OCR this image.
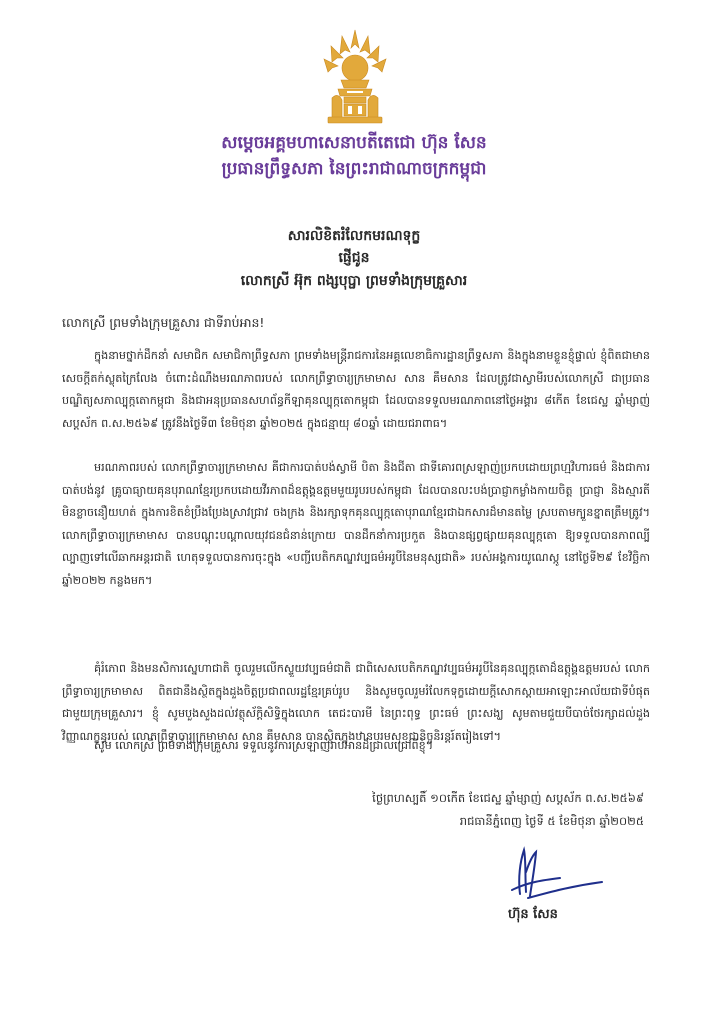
សម្តេចអគ្គមហាសេនាបតីតេជោ ហ៊ុន សែន
ប្រធានព្រឹទ្ធសភា នៃព្រះរាជាណាចក្រកម្ពុជា
សារលិខិតរំលែកមរណទុក្ខ
ផ្ញើជូន
លោកស្រី អ៊ុក ពង្សបុប្ផា ព្រមទាំងក្រុមគ្រួសារ
លោកស្រី ព្រមទាំងក្រុមគ្រួសារ ជាទីរាប់អាន!

ក្នុងនាមថ្នាក់ដឹកនាំ សមាជិក សមាជិកាព្រឹទ្ធសភា ព្រមទាំងមន្ត្រីរាជការនៃអគ្គលេខាធិការដ្ឋានព្រឹទ្ធសភា និងក្នុងនាមខ្លួនខ្ញុំផ្ទាល់ ខ្ញុំពិតជាមានសេចក្តីតក់ស្លុតក្រៃលែង ចំពោះដំណឹងមរណភាពរបស់ លោកព្រឹទ្ធាចារ្យក្រមាមាស សាន គឹមសាន ដែលត្រូវជាស្វាមីរបស់លោកស្រី ជាប្រធានបណ្ឌិត្យសភាល្បុក្កតោកម្ពុជា និងជាអនុប្រធានសហព័ន្ធកីឡាគុនល្បុក្កតោកម្ពុជា ដែលបានទទួលមរណភាពនៅថ្ងៃអង្គារ ៨កើត ខែជេស្ឋ ឆ្នាំម្សាញ់ សប្តស័ក ព.ស.២៥៦៩ ត្រូវនឹងថ្ងៃទី៣ ខែមិថុនា ឆ្នាំ២០២៥ ក្នុងជន្មាយុ ៨០ឆ្នាំ ដោយជរាពាធ។

មរណភាពរបស់ លោកព្រឹទ្ធាចារ្យក្រមាមាស គឺជាការបាត់បង់ស្វាមី បិតា និងជីតា ជាទីគោរពស្រឡាញ់ប្រកបដោយព្រហ្មវិហារធម៌ និងជាការបាត់បង់នូវ គ្រូបាធ្យាយគុនបុរាណខ្មែរប្រកបដោយវីរភាពដ៏ឧត្តុង្គឧត្តមមួយរូបរបស់កម្ពុជា ដែលបានលះបង់ប្រាជ្ញាកម្លាំងកាយចិត្ត ប្រាជ្ញា និងស្មារតីមិនខ្លាចនឿយហត់ ក្នុងការខិតខំប្រឹងប្រែងស្រាវជ្រាវ ចងក្រង និងរក្សាទុកគុនល្បុក្កតោបុរាណខ្មែរជាឯកសារដ៏មានតម្លៃ ស្របតាមក្បួនខ្នាតត្រឹមត្រូវ។ លោកព្រឹទ្ធាចារ្យក្រមាមាស បានបណ្តុះបណ្តាលយុវជនជំនាន់ក្រោយ បានដឹកនាំការប្រកួត និងបានផ្សព្វផ្សាយគុនល្បុក្កតោ ឱ្យទទួលបានភាពល្បីល្បាញទៅលើឆាកអន្តរជាតិ ហេតុទទួលបានការចុះក្នុង «បញ្ជីបេតិកភណ្ឌវប្បធម៌អរូបីនៃមនុស្សជាតិ» របស់អង្គការយូណេស្កូ នៅថ្ងៃទី២៩ ខែវិច្ឆិកា ឆ្នាំ២០២២ កន្លងមក។

គុំរំភោព និងមនសិការស្នេហាជាតិ ចូលរួមលើកស្ទួយវប្បធម៌ជាតិ ជាពិសេសបេតិកភណ្ឌវប្បធម៌អរូបីនៃគុនល្បុក្កតោដ៏ឧត្តុង្គឧត្តមរបស់ លោកព្រឹទ្ធាចារ្យក្រមាមាស ពិតជានឹងស្ថិតក្នុងដួងចិត្តប្រជាពលរដ្ឋខ្មែរគ្រប់រូប និងសូមចូលរួមរំលែកទុក្ខដោយក្តីសោកស្តាយអាឡោះអាល័យជាទីបំផុតជាមួយក្រុមគ្រួសារ។ ខ្ញុំ សូមបួងសួងដល់វត្ថុស័ក្តិសិទ្ធិក្នុងលោក តេជះបារមី នៃព្រះពុទ្ធ ព្រះធម៌ ព្រះសង្ឃ សូមតាមជួយបីបាច់ថែរក្សាដល់ដួងវិញ្ញាណក្ខន្ធរបស់ លោកព្រឹទ្ធាចារ្យក្រមាមាស សាន គឹមសាន បានស្ថិតក្នុងឋានបរមសុខជានិច្ចនិរន្តរ៍តរៀងទៅ។

សូម លោកស្រី ព្រមទាំងក្រុមគ្រួសារ ទទួលនូវការស្រឡាញ់រាប់អានដ៏ជ្រាលជ្រៅពីខ្ញុំ។

ថ្ងៃព្រហស្បតិ៍ ១០កើត ខែជេស្ឋ ឆ្នាំម្សាញ់ សប្តស័ក ព.ស.២៥៦៩
រាជធានីភ្នំពេញ ថ្ងៃទី ៥ ខែមិថុនា ឆ្នាំ២០២៥
ហ៊ុន សែន
